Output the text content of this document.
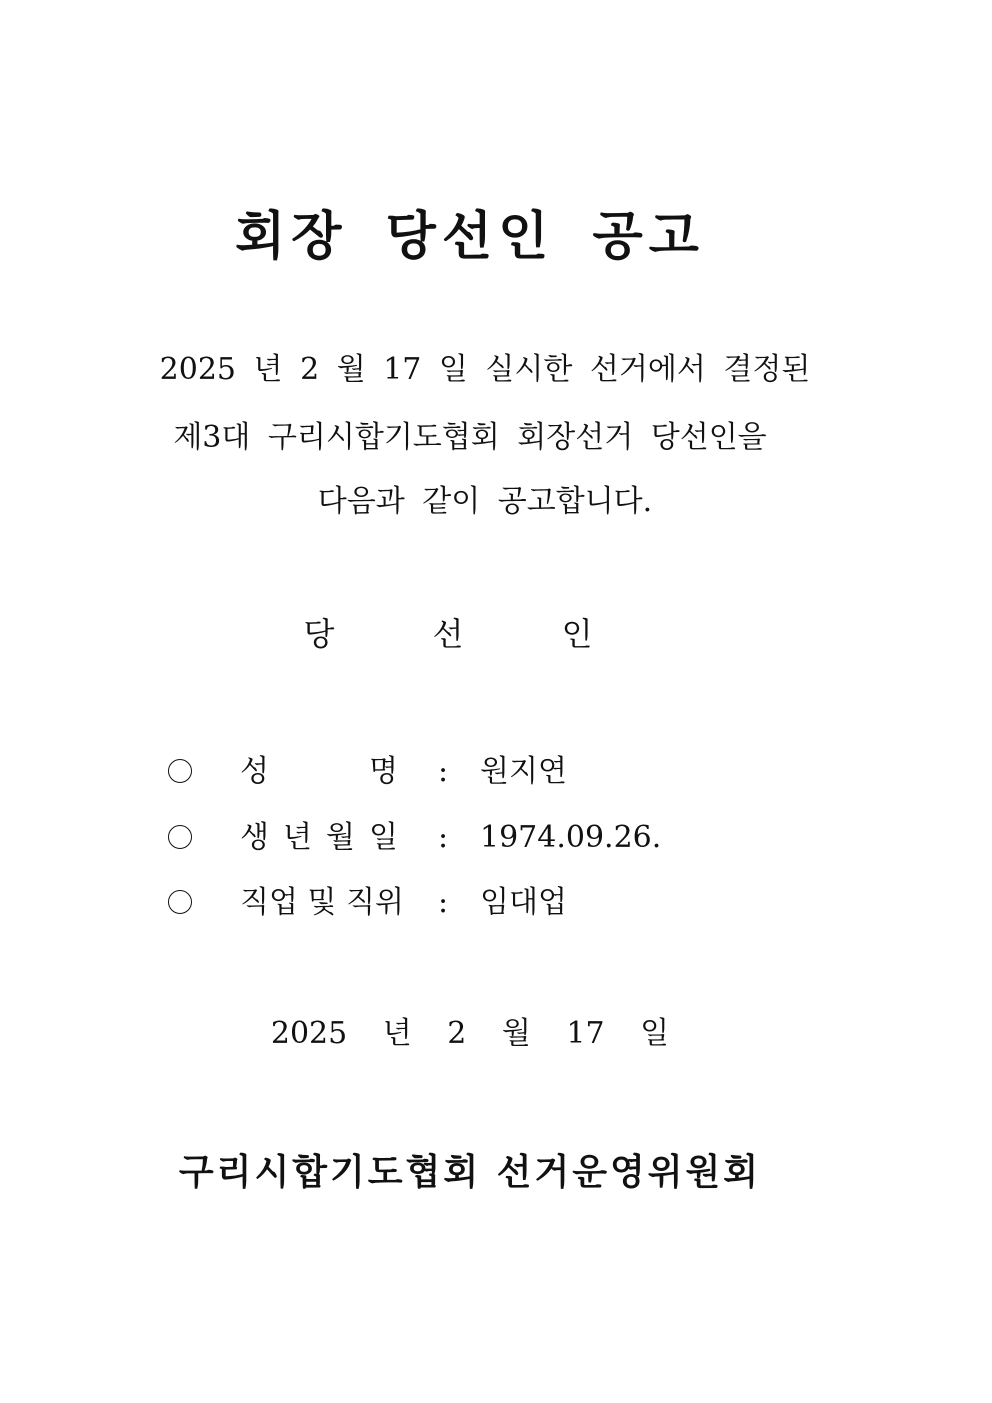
회장 당선인 공고
2025 년 2 월 17 일 실시한 선거에서 결정된
제3대 구리시합기도협회 회장선거 당선인을
다음과 같이 공고합니다.
당 선 인
성 명 : 원지연
생년월일 : 1974.09.26.
직업 및 직위 : 임대업
2025 년 2 월 17 일
구리시합기도협회 선거운영위원회
